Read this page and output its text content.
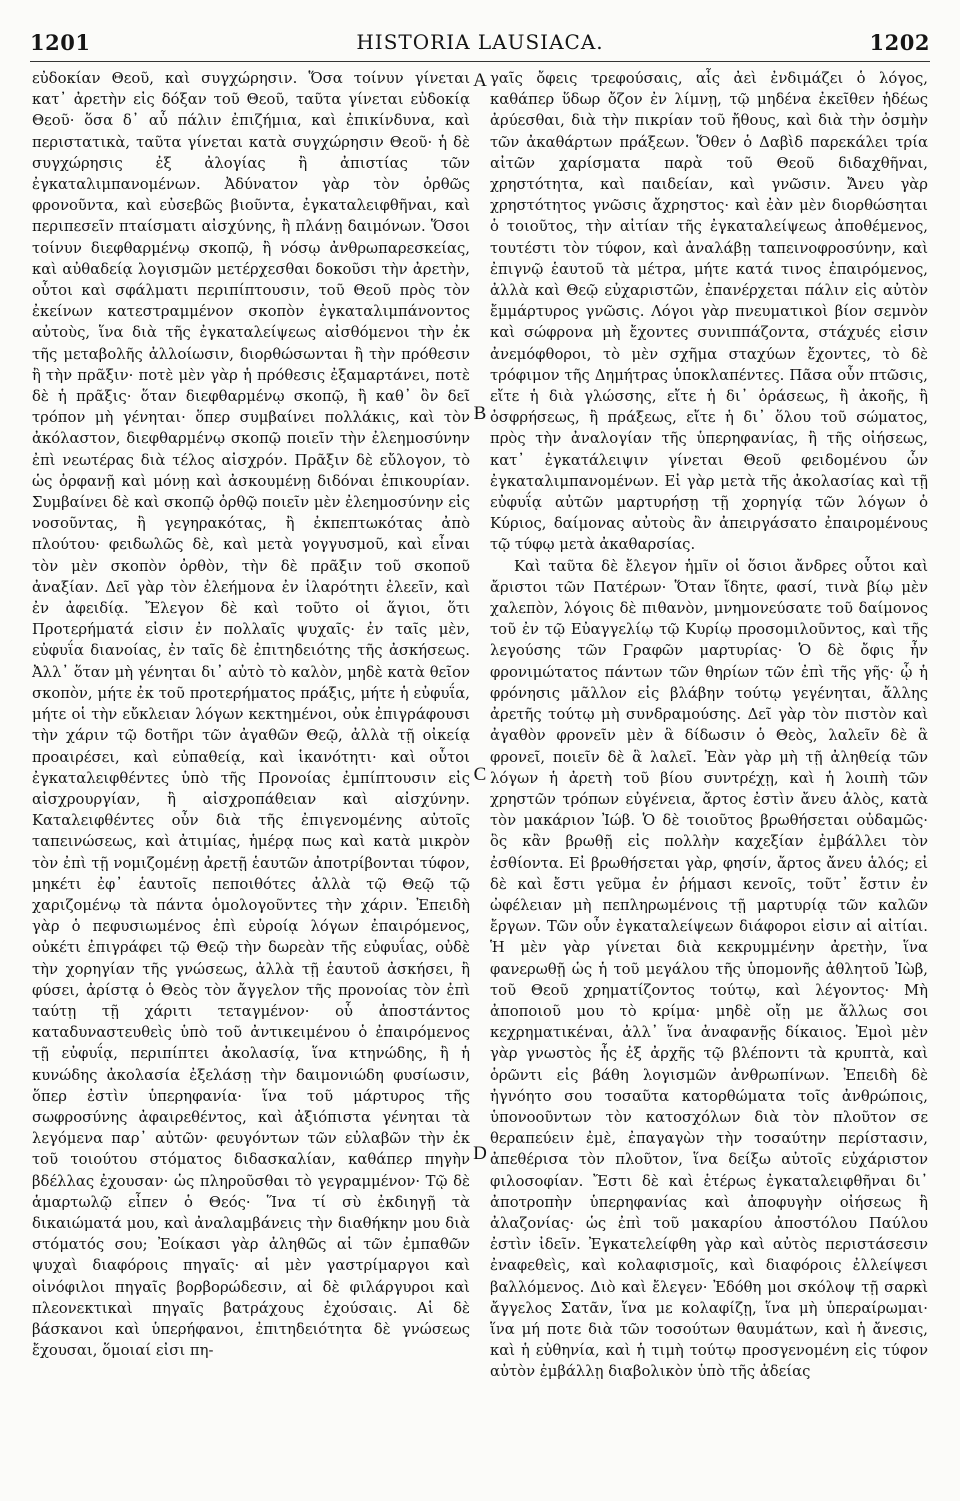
1201	HISTORIA LAUSIACA.	1202

εὐδοκίαν Θεοῦ, καὶ συγχώρησιν. Ὅσα τοίνυν γίνεται κατ᾿ ἀρετὴν εἰς δόξαν τοῦ Θεοῦ, ταῦτα γίνεται εὐδοκίᾳ Θεοῦ· ὅσα δ᾿ αὖ πάλιν ἐπιζήμια, καὶ ἐπικίνδυνα, καὶ περιστατικὰ, ταῦτα γίνεται κατὰ συγχώρησιν Θεοῦ· ἡ δὲ συγχώρησις ἐξ ἀλογίας ἢ ἀπιστίας τῶν ἐγκαταλιμπανομένων. Ἀδύνατον γὰρ τὸν ὀρθῶς φρονοῦντα, καὶ εὐσεβῶς βιοῦντα, ἐγκαταλειφθῆναι, καὶ περιπεσεῖν πταίσματι αἰσχύνης, ἢ πλάνῃ δαιμόνων. Ὅσοι τοίνυν διεφθαρμένῳ σκοπῷ, ἢ νόσῳ ἀνθρωπαρεσκείας, καὶ αὐθαδείᾳ λογισμῶν μετέρχεσθαι δοκοῦσι τὴν ἀρετὴν, οὗτοι καὶ σφάλματι περιπίπτουσιν, τοῦ Θεοῦ πρὸς τὸν ἐκείνων κατεστραμμένον σκοπὸν ἐγκαταλιμπάνοντος αὐτοὺς, ἵνα διὰ τῆς ἐγκαταλείψεως αἰσθόμενοι τὴν ἐκ τῆς μεταβολῆς ἀλλοίωσιν, διορθώσωνται ἢ τὴν πρόθεσιν ἢ τὴν πρᾶξιν· ποτὲ μὲν γὰρ ἡ πρόθεσις ἐξαμαρτάνει, ποτὲ δὲ ἡ πρᾶξις· ὅταν διεφθαρμένῳ σκοπῷ, ἢ καθ᾿ ὃν δεῖ τρόπον μὴ γένηται· ὅπερ συμβαίνει πολλάκις, καὶ τὸν ἀκόλαστον, διεφθαρμένῳ σκοπῷ ποιεῖν τὴν ἐλεημοσύνην ἐπὶ νεωτέρας διὰ τέλος αἰσχρόν. Πρᾶξιν δὲ εὔλογον, τὸ ὡς ὀρφανῇ καὶ μόνῃ καὶ ἀσκουμένῃ διδόναι ἐπικουρίαν. Συμβαίνει δὲ καὶ σκοπῷ ὀρθῷ ποιεῖν μὲν ἐλεημοσύνην εἰς νοσοῦντας, ἢ γεγηρακότας, ἢ ἐκπεπτωκότας ἀπὸ πλούτου· φειδωλῶς δὲ, καὶ μετὰ γογγυσμοῦ, καὶ εἶναι τὸν μὲν σκοπὸν ὀρθὸν, τὴν δὲ πρᾶξιν τοῦ σκοποῦ ἀναξίαν. Δεῖ γὰρ τὸν ἐλεήμονα ἐν ἱλαρότητι ἐλεεῖν, καὶ ἐν ἀφειδίᾳ. Ἔλεγον δὲ καὶ τοῦτο οἱ ἅγιοι, ὅτι Προτερήματά εἰσιν ἐν πολλαῖς ψυχαῖς· ἐν ταῖς μὲν, εὐφυΐα διανοίας, ἐν ταῖς δὲ ἐπιτηδειότης τῆς ἀσκήσεως. Ἀλλ᾿ ὅταν μὴ γένηται δι᾿ αὐτὸ τὸ καλὸν, μηδὲ κατὰ θεῖον σκοπὸν, μήτε ἐκ τοῦ προτερήματος πράξις, μήτε ἡ εὐφυΐα, μήτε οἱ τὴν εὔκλειαν λόγων κεκτημένοι, οὐκ ἐπιγράφουσι τὴν χάριν τῷ δοτῆρι τῶν ἀγαθῶν Θεῷ, ἀλλὰ τῇ οἰκείᾳ προαιρέσει, καὶ εὐπαθείᾳ, καὶ ἱκανότητι· καὶ οὗτοι ἐγκαταλειφθέντες ὑπὸ τῆς Προνοίας ἐμπίπτουσιν εἰς αἰσχρουργίαν, ἢ αἰσχροπάθειαν καὶ αἰσχύνην. Καταλειφθέντες οὖν διὰ τῆς ἐπιγενομένης αὐτοῖς ταπεινώσεως, καὶ ἀτιμίας, ἡμέρᾳ πως καὶ κατὰ μικρὸν τὸν ἐπὶ τῇ νομιζομένῃ ἀρετῇ ἑαυτῶν ἀποτρίβονται τύφον, μηκέτι ἐφ᾿ ἑαυτοῖς πεποιθότες ἀλλὰ τῷ Θεῷ τῷ χαριζομένῳ τὰ πάντα ὁμολογοῦντες τὴν χάριν. Ἐπειδὴ γὰρ ὁ πεφυσιωμένος ἐπὶ εὐροίᾳ λόγων ἐπαιρόμενος, οὐκέτι ἐπιγράφει τῷ Θεῷ τὴν δωρεὰν τῆς εὐφυΐας, οὐδὲ τὴν χορηγίαν τῆς γνώσεως, ἀλλὰ τῇ ἑαυτοῦ ἀσκήσει, ἢ φύσει, ἀρίστᾳ ὁ Θεὸς τὸν ἄγγελον τῆς προνοίας τὸν ἐπὶ ταύτῃ τῇ χάριτι τεταγμένον· οὗ ἀποστάντος καταδυναστευθεὶς ὑπὸ τοῦ ἀντικειμένου ὁ ἐπαιρόμενος τῇ εὐφυΐᾳ, περιπίπτει ἀκολασίᾳ, ἵνα κτηνώδης, ἢ ἡ κυνώδης ἀκολασία ἐξελάσῃ τὴν δαιμονιώδη φυσίωσιν, ὅπερ ἐστὶν ὑπερηφανία· ἵνα τοῦ μάρτυρος τῆς σωφροσύνης ἀφαιρεθέντος, καὶ ἀξιόπιστα γένηται τὰ λεγόμενα παρ᾿ αὐτῶν· φευγόντων τῶν εὐλαβῶν τὴν ἐκ τοῦ τοιούτου στόματος διδασκαλίαν, καθάπερ πηγὴν βδέλλας ἐχουσαν· ὡς πληροῦσθαι τὸ γεγραμμένον· Τῷ δὲ ἁμαρτωλῷ εἶπεν ὁ Θεός· Ἵνα τί σὺ ἐκδιηγῇ τὰ δικαιώματά μου, καὶ ἀναλαμβάνεις τὴν διαθήκην μου διὰ στόματός σου; Ἐοίκασι γὰρ ἀληθῶς αἱ τῶν ἐμπαθῶν ψυχαὶ διαφόροις πηγαῖς· αἱ μὲν γαστρίμαργοι καὶ οἰνόφιλοι πηγαῖς βορβορώδεσιν, αἱ δὲ φιλάργυροι καὶ πλεονεκτικαὶ πηγαῖς βατράχους ἐχούσαις. Αἱ δὲ βάσκανοι καὶ ὑπερήφανοι, ἐπιτηδειότητα δὲ γνώσεως ἔχουσαι, ὅμοιαί εἰσι πη-

A
B
C
D

γαῖς ὄφεις τρεφούσαις, αἷς ἀεὶ ἐνδιμάζει ὁ λόγος, καθάπερ ὕδωρ ὄζον ἐν λίμνῃ, τῷ μηδένα ἐκεῖθεν ἡδέως ἀρύεσθαι, διὰ τὴν πικρίαν τοῦ ἤθους, καὶ διὰ τὴν ὀσμὴν τῶν ἀκαθάρτων πράξεων. Ὅθεν ὁ Δαβὶδ παρεκάλει τρία αἰτῶν χαρίσματα παρὰ τοῦ Θεοῦ διδαχθῆναι, χρηστότητα, καὶ παιδείαν, καὶ γνῶσιν. Ἄνευ γὰρ χρηστότητος γνῶσις ἄχρηστος· καὶ ἐὰν μὲν διορθώσηται ὁ τοιοῦτος, τὴν αἰτίαν τῆς ἐγκαταλείψεως ἀποθέμενος, τουτέστι τὸν τύφον, καὶ ἀναλάβῃ ταπεινοφροσύνην, καὶ ἐπιγνῷ ἑαυτοῦ τὰ μέτρα, μήτε κατά τινος ἐπαιρόμενος, ἀλλὰ καὶ Θεῷ εὐχαριστῶν, ἐπανέρχεται πάλιν εἰς αὐτὸν ἔμμάρτυρος γνῶσις. Λόγοι γὰρ πνευματικοὶ βίον σεμνὸν καὶ σώφρονα μὴ ἔχοντες συνιππάζοντα, στάχυές εἰσιν ἀνεμόφθοροι, τὸ μὲν σχῆμα σταχύων ἔχοντες, τὸ δὲ τρόφιμον τῆς Δημήτρας ὑποκλαπέντες. Πᾶσα οὖν πτῶσις, εἴτε ἡ διὰ γλώσσης, εἴτε ἡ δι᾿ ὁράσεως, ἢ ἀκοῆς, ἢ ὀσφρήσεως, ἢ πράξεως, εἴτε ἡ δι᾿ ὅλου τοῦ σώματος, πρὸς τὴν ἀναλογίαν τῆς ὑπερηφανίας, ἢ τῆς οἰήσεως, κατ᾿ ἐγκατάλειψιν γίνεται Θεοῦ φειδομένου ὧν ἐγκαταλιμπανομένων. Εἰ γὰρ μετὰ τῆς ἀκολασίας καὶ τῇ εὐφυΐᾳ αὐτῶν μαρτυρήσῃ τῇ χορηγίᾳ τῶν λόγων ὁ Κύριος, δαίμονας αὐτοὺς ἂν ἀπειργάσατο ἐπαιρομένους τῷ τύφῳ μετὰ ἀκαθαρσίας.

Καὶ ταῦτα δὲ ἔλεγον ἡμῖν οἱ ὅσιοι ἄνδρες οὗτοι καὶ ἄριστοι τῶν Πατέρων· Ὅταν ἴδητε, φασί, τινὰ βίῳ μὲν χαλεπὸν, λόγοις δὲ πιθανὸν, μνημονεύσατε τοῦ δαίμονος τοῦ ἐν τῷ Εὐαγγελίῳ τῷ Κυρίῳ προσομιλοῦντος, καὶ τῆς λεγούσης τῶν Γραφῶν μαρτυρίας· Ὁ δὲ ὄφις ἦν φρονιμώτατος πάντων τῶν θηρίων τῶν ἐπὶ τῆς γῆς· ᾧ ἡ φρόνησις μᾶλλον εἰς βλάβην τούτῳ γεγένηται, ἄλλης ἀρετῆς τούτῳ μὴ συνδραμούσης. Δεῖ γὰρ τὸν πιστὸν καὶ ἀγαθὸν φρονεῖν μὲν ἃ δίδωσιν ὁ Θεὸς, λαλεῖν δὲ ἃ φρονεῖ, ποιεῖν δὲ ἃ λαλεῖ. Ἐὰν γὰρ μὴ τῇ ἀληθείᾳ τῶν λόγων ἡ ἀρετὴ τοῦ βίου συντρέχῃ, καὶ ἡ λοιπὴ τῶν χρηστῶν τρόπων εὐγένεια, ἄρτος ἐστὶν ἄνευ ἁλὸς, κατὰ τὸν μακάριον Ἰώβ. Ὁ δὲ τοιοῦτος βρωθήσεται οὐδαμῶς· ὃς κἂν βρωθῇ εἰς πολλὴν καχεξίαν ἐμβάλλει τὸν ἐσθίοντα. Εἰ βρωθήσεται γὰρ, φησίν, ἄρτος ἄνευ ἁλός; εἰ δὲ καὶ ἔστι γεῦμα ἐν ῥήμασι κενοῖς, τοῦτ᾿ ἔστιν ἐν ὠφέλειαν μὴ πεπληρωμένοις τῇ μαρτυρίᾳ τῶν καλῶν ἔργων. Τῶν οὖν ἐγκαταλείψεων διάφοροι εἰσιν αἱ αἰτίαι. Ἡ μὲν γὰρ γίνεται διὰ κεκρυμμένην ἀρετὴν, ἵνα φανερωθῇ ὡς ἡ τοῦ μεγάλου τῆς ὑπομονῆς ἀθλητοῦ Ἰὼβ, τοῦ Θεοῦ χρηματίζοντος τούτῳ, καὶ λέγοντος· Μὴ ἀποποιοῦ μου τὸ κρίμα· μηδὲ οἴῃ με ἄλλως σοι κεχρηματικέναι, ἀλλ᾿ ἵνα ἀναφανῇς δίκαιος. Ἐμοὶ μὲν γὰρ γνωστὸς ἧς ἐξ ἀρχῆς τῷ βλέποντι τὰ κρυπτὰ, καὶ ὁρῶντι εἰς βάθη λογισμῶν ἀνθρωπίνων. Ἐπειδὴ δὲ ἠγνόητο σου τοσαῦτα κατορθώματα τοῖς ἀνθρώποις, ὑπονοοῦντων τὸν κατοσχόλων διὰ τὸν πλοῦτον σε θεραπεύειν ἐμὲ, ἐπαγαγὼν τὴν τοσαύτην περίστασιν, ἀπεθέρισα τὸν πλοῦτον, ἵνα δείξω αὐτοῖς εὐχάριστον φιλοσοφίαν. Ἔστι δὲ καὶ ἑτέρως ἐγκαταλειφθῆναι δι᾿ ἀποτροπὴν ὑπερηφανίας καὶ ἀποφυγὴν οἰήσεως ἢ ἀλαζονίας· ὡς ἐπὶ τοῦ μακαρίου ἀποστόλου Παύλου ἐστὶν ἰδεῖν. Ἐγκατελείφθη γὰρ καὶ αὐτὸς περιστάσεσιν ἐναφεθεὶς, καὶ κολαφισμοῖς, καὶ διαφόροις ἐλλείψεσι βαλλόμενος. Διὸ καὶ ἔλεγεν· Ἐδόθη μοι σκόλοψ τῇ σαρκὶ ἄγγελος Σατᾶν, ἵνα με κολαφίζῃ, ἵνα μὴ ὑπεραίρωμαι· ἵνα μή ποτε διὰ τῶν τοσούτων θαυμάτων, καὶ ἡ ἄνεσις, καὶ ἡ εὐθηνία, καὶ ἡ τιμὴ τούτῳ προσγενομένη εἰς τύφον αὐτὸν ἐμβάλλῃ διαβολικὸν ὑπὸ τῆς ἀδείας
